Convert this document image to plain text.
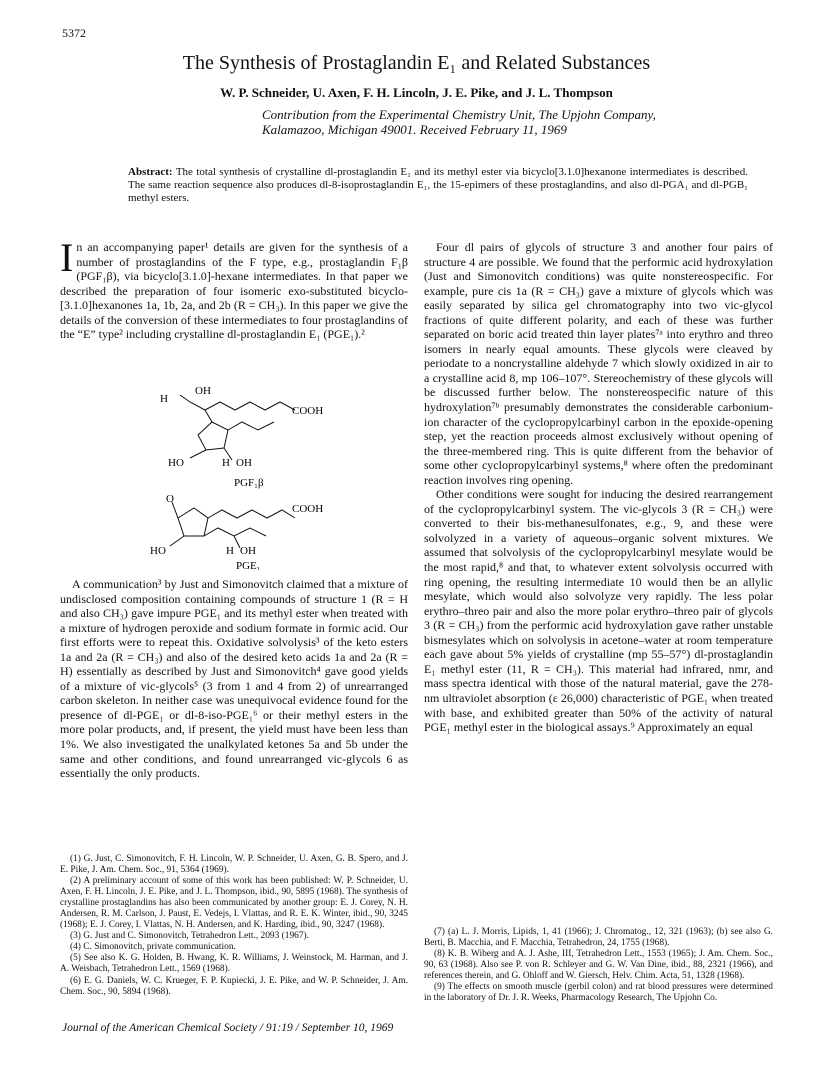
5372
The Synthesis of Prostaglandin E₁ and Related Substances
W. P. Schneider, U. Axen, F. H. Lincoln, J. E. Pike, and J. L. Thompson
Contribution from the Experimental Chemistry Unit, The Upjohn Company,
Kalamazoo, Michigan 49001. Received February 11, 1969
Abstract: The total synthesis of crystalline dl-prostaglandin E₁ and its methyl ester via bicyclo[3.1.0]hexanone intermediates is described. The same reaction sequence also produces dl-8-isoprostaglandin E₁, the 15-epimers of these prostaglandins, and also dl-PGA₁ and dl-PGB₁ methyl esters.

In an accompanying paper¹ details are given for the synthesis of a number of prostaglandins of the F type, e.g., prostaglandin F₁β (PGF₁β), via bicyclo[3.1.0]-hexane intermediates. In that paper we described the preparation of four isomeric exo-substituted bicyclo-[3.1.0]hexanones 1a, 1b, 2a, and 2b (R = CH₃). In this paper we give the details of the conversion of these intermediates to four prostaglandins of the “E” type² including crystalline dl-prostaglandin E₁ (PGE₁).²

H
OH
COOH
HO	H OH
PGF₁β
O
COOH
HO	H OH
PGE₁

A communication³ by Just and Simonovitch claimed that a mixture of undisclosed composition containing compounds of structure 1 (R = H and also CH₃) gave impure PGE₁ and its methyl ester when treated with a mixture of hydrogen peroxide and sodium formate in formic acid. Our first efforts were to repeat this. Oxidative solvolysis³ of the keto esters 1a and 2a (R = CH₃) and also of the desired keto acids 1a and 2a (R = H) essentially as described by Just and Simonovitch⁴ gave good yields of a mixture of vic-glycols⁵ (3 from 1 and 4 from 2) of unrearranged carbon skeleton. In neither case was unequivocal evidence found for the presence of dl-PGE₁ or dl-8-iso-PGE₁⁶ or their methyl esters in the more polar products, and, if present, the yield must have been less than 1%. We also investigated the unalkylated ketones 5a and 5b under the same and other conditions, and found unrearranged vic-glycols 6 as essentially the only products.

(1) G. Just, C. Simonovitch, F. H. Lincoln, W. P. Schneider, U. Axen, G. B. Spero, and J. E. Pike, J. Am. Chem. Soc., 91, 5364 (1969).

(2) A preliminary account of some of this work has been published: W. P. Schneider, U. Axen, F. H. Lincoln, J. E. Pike, and J. L. Thompson, ibid., 90, 5895 (1968). The synthesis of crystalline prostaglandins has also been communicated by another group: E. J. Corey, N. H. Andersen, R. M. Carlson, J. Paust, E. Vedejs, I. Vlattas, and R. E. K. Winter, ibid., 90, 3245 (1968); E. J. Corey, I. Vlattas, N. H. Andersen, and K. Harding, ibid., 90, 3247 (1968).

(3) G. Just and C. Simonovitch, Tetrahedron Lett., 2093 (1967).

(4) C. Simonovitch, private communication.

(5) See also K. G. Holden, B. Hwang, K. R. Williams, J. Weinstock, M. Harman, and J. A. Weisbach, Tetrahedron Lett., 1569 (1968).

(6) E. G. Daniels, W. C. Krueger, F. P. Kupiecki, J. E. Pike, and W. P. Schneider, J. Am. Chem. Soc., 90, 5894 (1968).

Four dl pairs of glycols of structure 3 and another four pairs of structure 4 are possible. We found that the performic acid hydroxylation (Just and Simonovitch conditions) was quite nonstereospecific. For example, pure cis 1a (R = CH₃) gave a mixture of glycols which was easily separated by silica gel chromatography into two vic-glycol fractions of quite different polarity, and each of these was further separated on boric acid treated thin layer plates⁷ᵃ into erythro and threo isomers in nearly equal amounts. These glycols were cleaved by periodate to a noncrystalline aldehyde 7 which slowly oxidized in air to a crystalline acid 8, mp 106–107°. Stereochemistry of these glycols will be discussed further below. The nonstereospecific nature of this hydroxylation⁷ᵇ presumably demonstrates the considerable carbonium-ion character of the cyclopropylcarbinyl carbon in the epoxide-opening step, yet the reaction proceeds almost exclusively without opening of the three-membered ring. This is quite different from the behavior of some other cyclopropylcarbinyl systems,⁸ where often the predominant reaction involves ring opening.

Other conditions were sought for inducing the desired rearrangement of the cyclopropylcarbinyl system. The vic-glycols 3 (R = CH₃) were converted to their bis-methanesulfonates, e.g., 9, and these were solvolyzed in a variety of aqueous–organic solvent mixtures. We assumed that solvolysis of the cyclopropylcarbinyl mesylate would be the most rapid,⁸ and that, to whatever extent solvolysis occurred with ring opening, the resulting intermediate 10 would then be an allylic mesylate, which would also solvolyze very rapidly. The less polar erythro–threo pair and also the more polar erythro–threo pair of glycols 3 (R = CH₃) from the performic acid hydroxylation gave rather unstable bismesylates which on solvolysis in acetone–water at room temperature each gave about 5% yields of crystalline (mp 55–57°) dl-prostaglandin E₁ methyl ester (11, R = CH₃). This material had infrared, nmr, and mass spectra identical with those of the natural material, gave the 278-nm ultraviolet absorption (ε 26,000) characteristic of PGE₁ when treated with base, and exhibited greater than 50% of the activity of natural PGE₁ methyl ester in the biological assays.⁹ Approximately an equal

(7) (a) L. J. Morris, Lipids, 1, 41 (1966); J. Chromatog., 12, 321 (1963); (b) see also G. Berti, B. Macchia, and F. Macchia, Tetrahedron, 24, 1755 (1968).

(8) K. B. Wiberg and A. J. Ashe, III, Tetrahedron Lett., 1553 (1965); J. Am. Chem. Soc., 90, 63 (1968). Also see P. von R. Schleyer and G. W. Van Dine, ibid., 88, 2321 (1966), and references therein, and G. Ohloff and W. Giersch, Helv. Chim. Acta, 51, 1328 (1968).

(9) The effects on smooth muscle (gerbil colon) and rat blood pressures were determined in the laboratory of Dr. J. R. Weeks, Pharmacology Research, The Upjohn Co.

Journal of the American Chemical Society / 91:19 / September 10, 1969
